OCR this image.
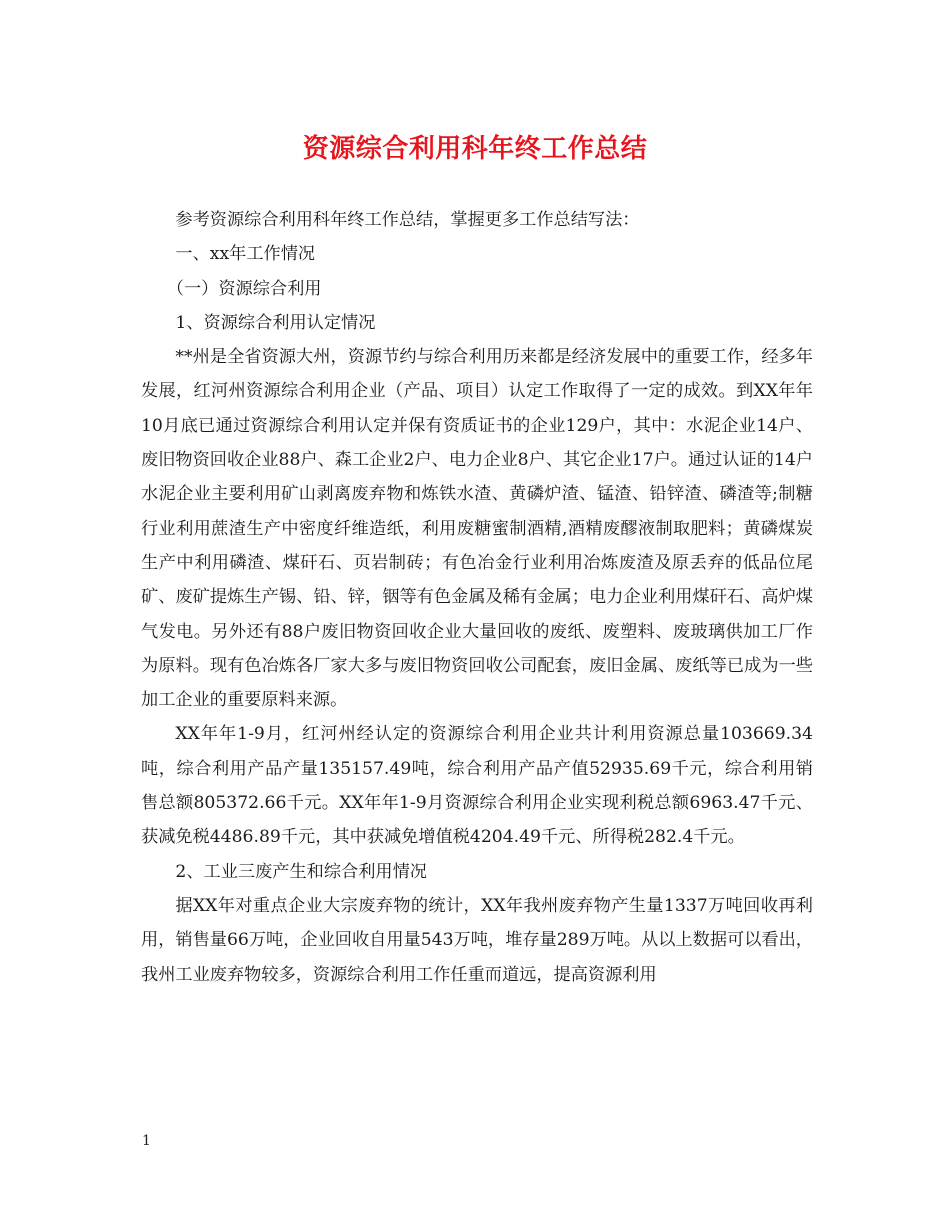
资源综合利用科年终工作总结

参考资源综合利用科年终工作总结，掌握更多工作总结写法：

一、xx年工作情况

（一）资源综合利用

1、资源综合利用认定情况

**州是全省资源大州，资源节约与综合利用历来都是经济发展中的重要工作，经多年发展，红河州资源综合利用企业（产品、项目）认定工作取得了一定的成效。到XX年年10月底已通过资源综合利用认定并保有资质证书的企业129户，其中：水泥企业14户、废旧物资回收企业88户、森工企业2户、电力企业8户、其它企业17户。通过认证的14户水泥企业主要利用矿山剥离废弃物和炼铁水渣、黄磷炉渣、锰渣、铅锌渣、磷渣等;制糖行业利用蔗渣生产中密度纤维造纸，利用废糖蜜制酒精,酒精废醪液制取肥料；黄磷煤炭生产中利用磷渣、煤矸石、页岩制砖；有色冶金行业利用冶炼废渣及原丢弃的低品位尾矿、废矿提炼生产锡、铅、锌，铟等有色金属及稀有金属；电力企业利用煤矸石、高炉煤气发电。另外还有88户废旧物资回收企业大量回收的废纸、废塑料、废玻璃供加工厂作为原料。现有色冶炼各厂家大多与废旧物资回收公司配套，废旧金属、废纸等已成为一些加工企业的重要原料来源。

XX年年1-9月，红河州经认定的资源综合利用企业共计利用资源总量103669.34吨，综合利用产品产量135157.49吨，综合利用产品产值52935.69千元，综合利用销售总额805372.66千元。XX年年1-9月资源综合利用企业实现利税总额6963.47千元、获减免税4486.89千元，其中获减免增值税4204.49千元、所得税282.4千元。

2、工业三废产生和综合利用情况

据XX年对重点企业大宗废弃物的统计，XX年我州废弃物产生量1337万吨回收再利用，销售量66万吨，企业回收自用量543万吨，堆存量289万吨。从以上数据可以看出，我州工业废弃物较多，资源综合利用工作任重而道远，提高资源利用

1
